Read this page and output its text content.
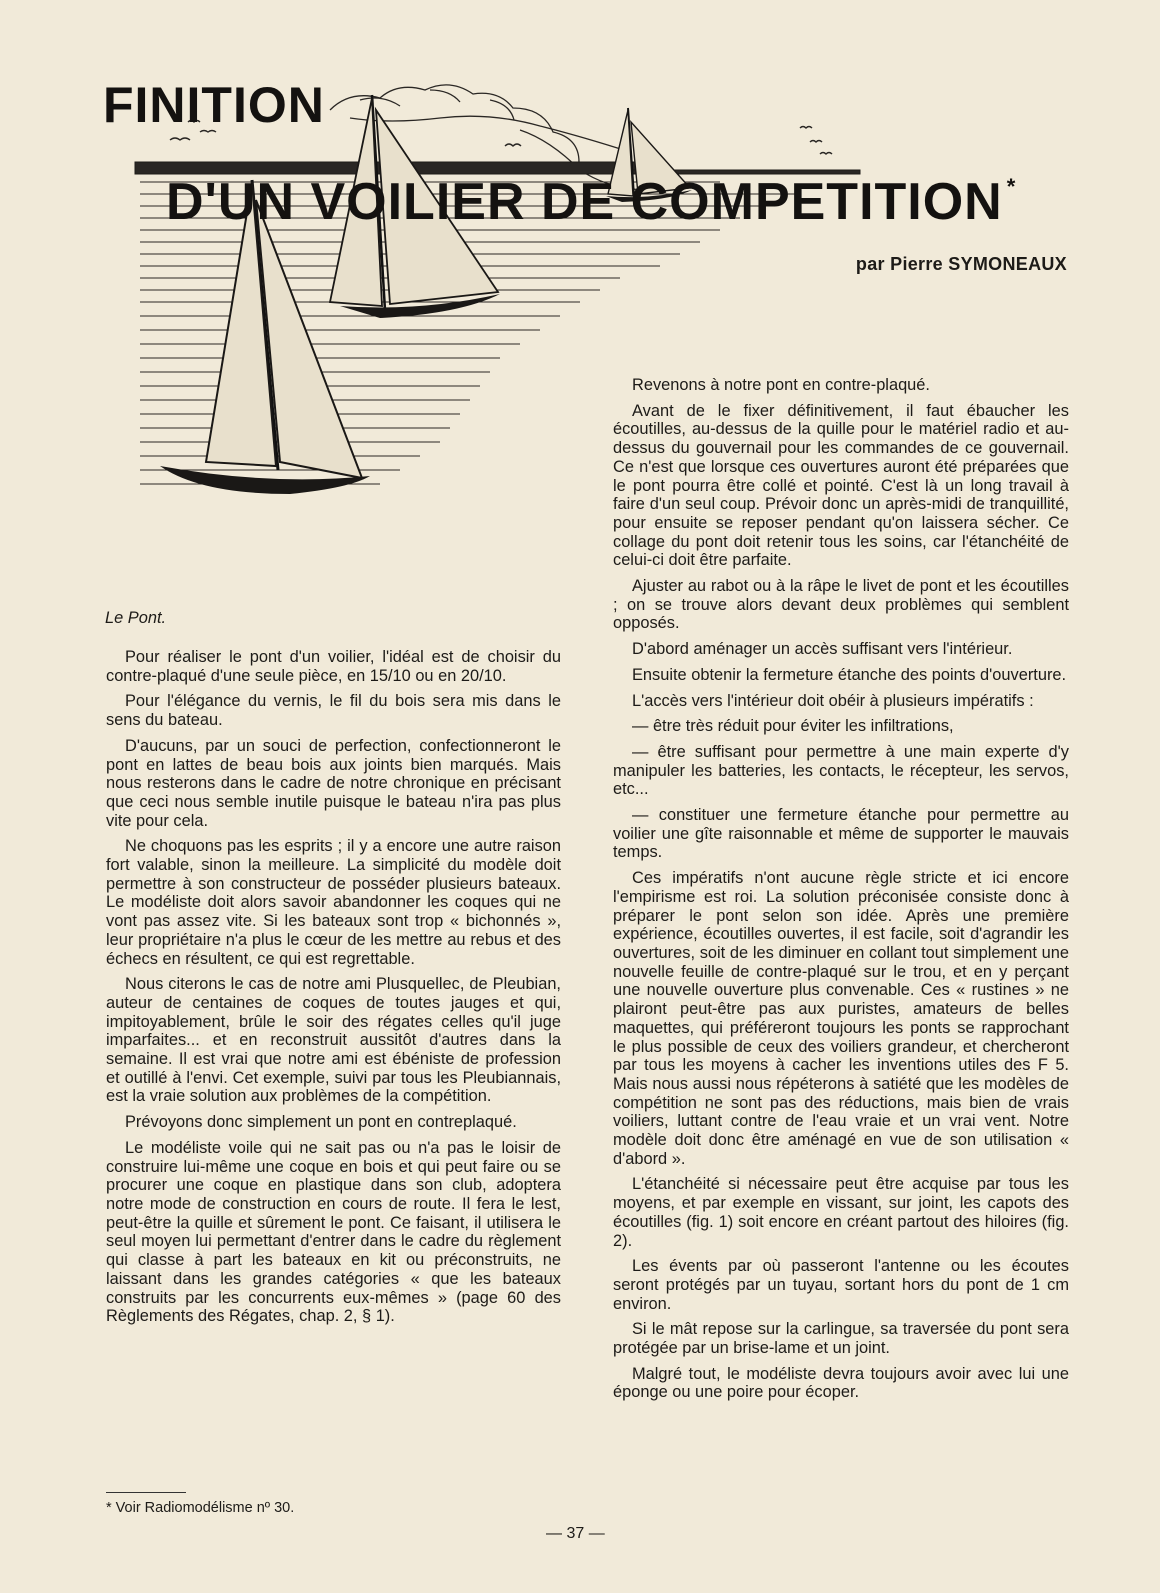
FINITION
D'UN VOILIER DE COMPETITION *
par Pierre SYMONEAUX

Le Pont.

Pour réaliser le pont d'un voilier, l'idéal est de choisir du contre-plaqué d'une seule pièce, en 15/10 ou en 20/10.

Pour l'élégance du vernis, le fil du bois sera mis dans le sens du bateau.

D'aucuns, par un souci de perfection, confectionneront le pont en lattes de beau bois aux joints bien marqués. Mais nous resterons dans le cadre de notre chronique en précisant que ceci nous semble inutile puisque le bateau n'ira pas plus vite pour cela.

Ne choquons pas les esprits ; il y a encore une autre raison fort valable, sinon la meilleure. La simplicité du modèle doit permettre à son constructeur de posséder plusieurs bateaux. Le modéliste doit alors savoir abandonner les coques qui ne vont pas assez vite. Si les bateaux sont trop « bichonnés », leur propriétaire n'a plus le cœur de les mettre au rebus et des échecs en résultent, ce qui est regrettable.

Nous citerons le cas de notre ami Plusquellec, de Pleubian, auteur de centaines de coques de toutes jauges et qui, impitoyablement, brûle le soir des régates celles qu'il juge imparfaites... et en reconstruit aussitôt d'autres dans la semaine. Il est vrai que notre ami est ébéniste de profession et outillé à l'envi. Cet exemple, suivi par tous les Pleubiannais, est la vraie solution aux problèmes de la compétition.

Prévoyons donc simplement un pont en contreplaqué.

Le modéliste voile qui ne sait pas ou n'a pas le loisir de construire lui-même une coque en bois et qui peut faire ou se procurer une coque en plastique dans son club, adoptera notre mode de construction en cours de route. Il fera le lest, peut-être la quille et sûrement le pont. Ce faisant, il utilisera le seul moyen lui permettant d'entrer dans le cadre du règlement qui classe à part les bateaux en kit ou préconstruits, ne laissant dans les grandes catégories « que les bateaux construits par les concurrents eux-mêmes » (page 60 des Règlements des Régates, chap. 2, § 1).

Revenons à notre pont en contre-plaqué.

Avant de le fixer définitivement, il faut ébaucher les écoutilles, au-dessus de la quille pour le matériel radio et au-dessus du gouvernail pour les commandes de ce gouvernail. Ce n'est que lorsque ces ouvertures auront été préparées que le pont pourra être collé et pointé. C'est là un long travail à faire d'un seul coup. Prévoir donc un après-midi de tranquillité, pour ensuite se reposer pendant qu'on laissera sécher. Ce collage du pont doit retenir tous les soins, car l'étanchéité de celui-ci doit être parfaite.

Ajuster au rabot ou à la râpe le livet de pont et les écoutilles ; on se trouve alors devant deux problèmes qui semblent opposés.

D'abord aménager un accès suffisant vers l'intérieur.

Ensuite obtenir la fermeture étanche des points d'ouverture.

L'accès vers l'intérieur doit obéir à plusieurs impératifs :

— être très réduit pour éviter les infiltrations,

— être suffisant pour permettre à une main experte d'y manipuler les batteries, les contacts, le récepteur, les servos, etc...

— constituer une fermeture étanche pour permettre au voilier une gîte raisonnable et même de supporter le mauvais temps.

Ces impératifs n'ont aucune règle stricte et ici encore l'empirisme est roi. La solution préconisée consiste donc à préparer le pont selon son idée. Après une première expérience, écoutilles ouvertes, il est facile, soit d'agrandir les ouvertures, soit de les diminuer en collant tout simplement une nouvelle feuille de contre-plaqué sur le trou, et en y perçant une nouvelle ouverture plus convenable. Ces « rustines » ne plairont peut-être pas aux puristes, amateurs de belles maquettes, qui préféreront toujours les ponts se rapprochant le plus possible de ceux des voiliers grandeur, et chercheront par tous les moyens à cacher les inventions utiles des F 5. Mais nous aussi nous répéterons à satiété que les modèles de compétition ne sont pas des réductions, mais bien de vrais voiliers, luttant contre de l'eau vraie et un vrai vent. Notre modèle doit donc être aménagé en vue de son utilisation « d'abord ».

L'étanchéité si nécessaire peut être acquise par tous les moyens, et par exemple en vissant, sur joint, les capots des écoutilles (fig. 1) soit encore en créant partout des hiloires (fig. 2).

Les évents par où passeront l'antenne ou les écoutes seront protégés par un tuyau, sortant hors du pont de 1 cm environ.

Si le mât repose sur la carlingue, sa traversée du pont sera protégée par un brise-lame et un joint.

Malgré tout, le modéliste devra toujours avoir avec lui une éponge ou une poire pour écoper.

* Voir Radiomodélisme nº 30.
— 37 —
